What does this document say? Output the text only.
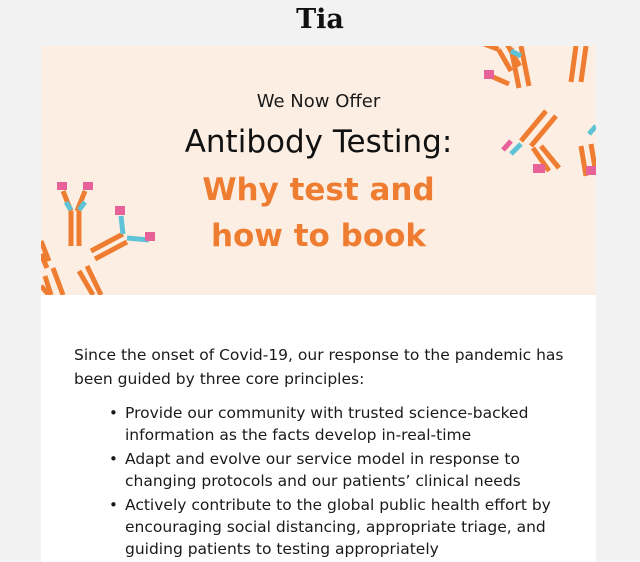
Tia
We Now Offer
Antibody Testing:
Why test and
how to book

Since the onset of Covid-19, our response to the pandemic has been guided by three core principles:

• Provide our community with trusted science-backed information as the facts develop in-real-time
• Adapt and evolve our service model in response to changing protocols and our patients’ clinical needs
• Actively contribute to the global public health effort by encouraging social distancing, appropriate triage, and guiding patients to testing appropriately
